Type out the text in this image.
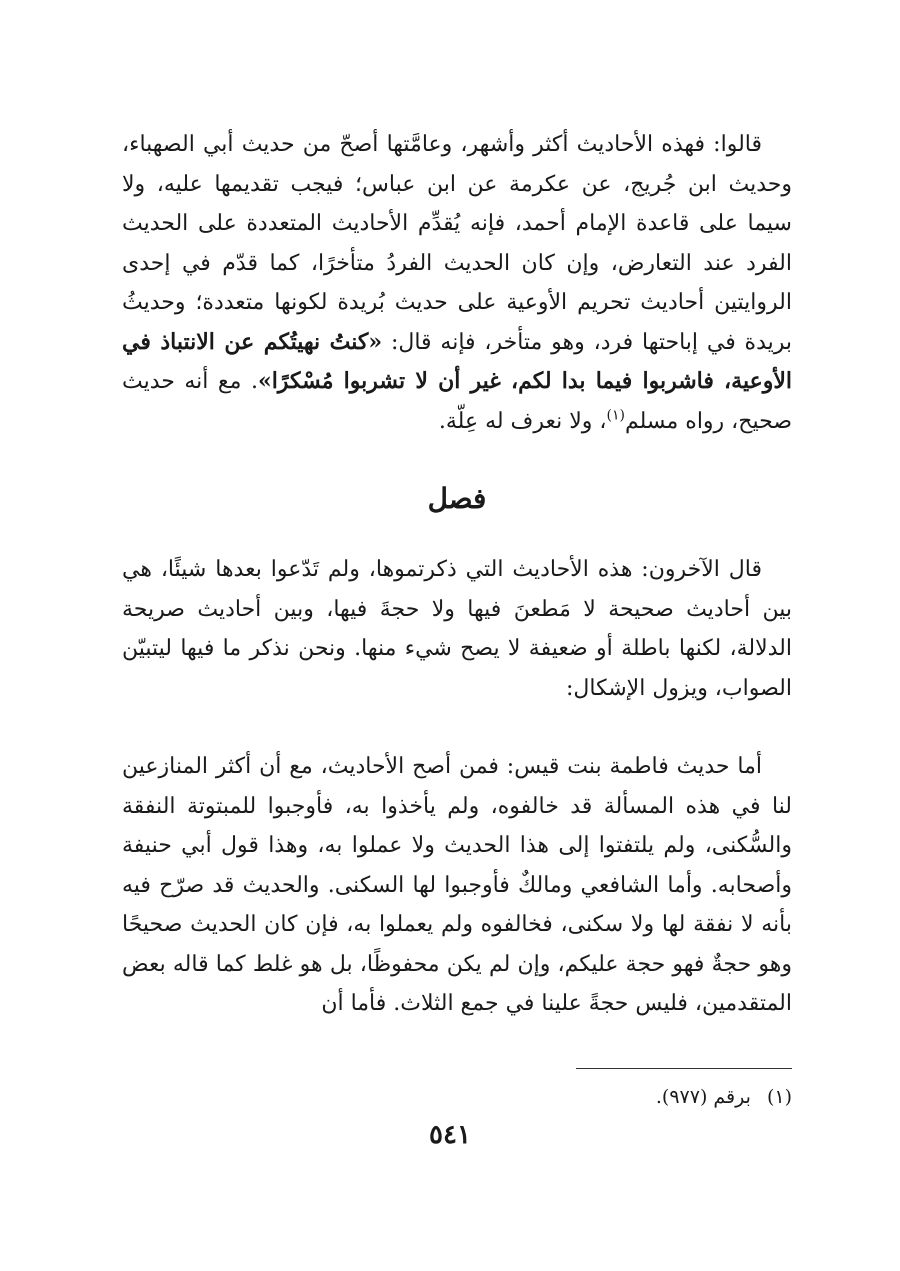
قالوا: فهذه الأحاديث أكثر وأشهر، وعامَّتها أصحّ من حديث أبي الصهباء، وحديث ابن جُريج، عن عكرمة عن ابن عباس؛ فيجب تقديمها عليه، ولا سيما على قاعدة الإمام أحمد، فإنه يُقدِّم الأحاديث المتعددة على الحديث الفرد عند التعارض، وإن كان الحديث الفردُ متأخرًا، كما قدّم في إحدى الروايتين أحاديث تحريم الأوعية على حديث بُريدة لكونها متعددة؛ وحديثُ بريدة في إباحتها فرد، وهو متأخر، فإنه قال: «كنتُ نهيتُكم عن الانتباذ في الأوعية، فاشربوا فيما بدا لكم، غير أن لا تشربوا مُسْكرًا». مع أنه حديث صحيح، رواه مسلم$^{(١)}$، ولا نعرف له عِلّة.

فصل

قال الآخرون: هذه الأحاديث التي ذكرتموها، ولم تَدّعوا بعدها شيئًا، هي بين أحاديث صحيحة لا مَطعنَ فيها ولا حجةَ فيها، وبين أحاديث صريحة الدلالة، لكنها باطلة أو ضعيفة لا يصح شيء منها. ونحن نذكر ما فيها ليتبيّن الصواب، ويزول الإشكال:

أما حديث فاطمة بنت قيس: فمن أصح الأحاديث، مع أن أكثر المنازعين لنا في هذه المسألة قد خالفوه، ولم يأخذوا به، فأوجبوا للمبتوتة النفقة والسُّكنى، ولم يلتفتوا إلى هذا الحديث ولا عملوا به، وهذا قول أبي حنيفة وأصحابه. وأما الشافعي ومالكٌ فأوجبوا لها السكنى. والحديث قد صرّح فيه بأنه لا نفقة لها ولا سكنى، فخالفوه ولم يعملوا به، فإن كان الحديث صحيحًا وهو حجةٌ فهو حجة عليكم، وإن لم يكن محفوظًا، بل هو غلط كما قاله بعض المتقدمين، فليس حجةً علينا في جمع الثلاث. فأما أن

(١) برقم (٩٧٧).
٥٤١
